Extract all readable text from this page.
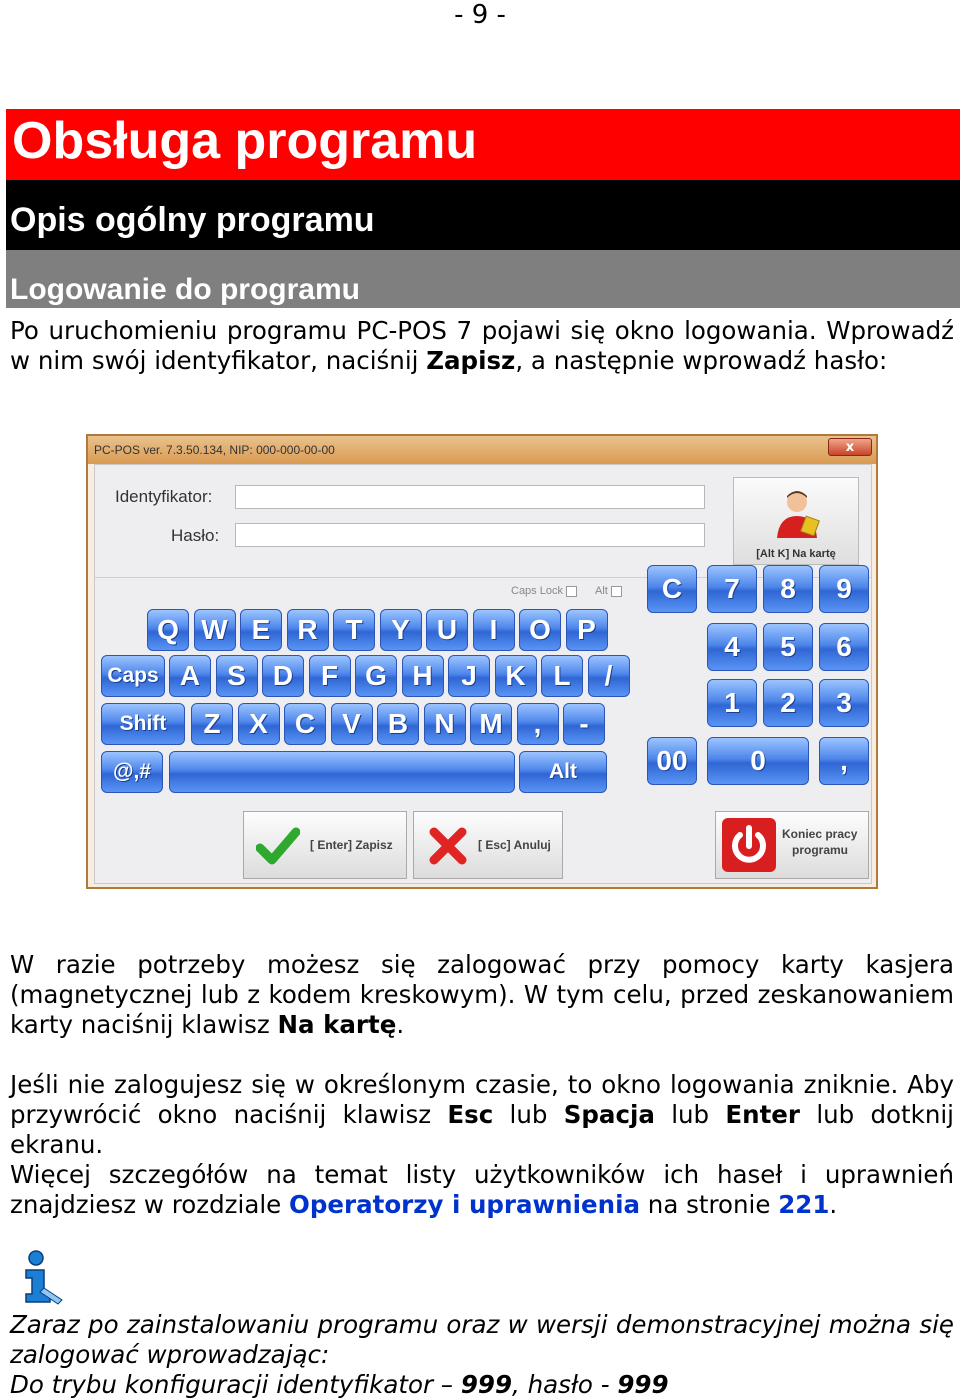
- 9 -
Obsługa programu
Opis ogólny programu
Logowanie do programu
Po uruchomieniu programu PC-POS 7 pojawi się okno logowania. Wprowadź w nim swój identyfikator, naciśnij Zapisz, a następnie wprowadź hasło:
PC-POS ver. 7.3.50.134, NIP: 000-000-00-00	x
Identyfikator:
Hasło:
[Alt K] Na kartę
Caps Lock	Alt
Caps
Shift
@,#	Alt
[ Enter] Zapisz	[ Esc] Anuluj
Koniec pracy
programu
Q W E R T	Y U	I	O P
A S D F G H	J	K L	/
Z	X C V B N M	,	-
C	7	8	9
4	5	6
1	2	3
00	0	,
W razie potrzeby możesz się zalogować przy pomocy karty kasjera (magnetycznej lub z kodem kreskowym). W tym celu, przed zeskanowaniem karty naciśnij klawisz Na kartę.
Jeśli nie zalogujesz się w określonym czasie, to okno logowania zniknie. Aby przywrócić okno naciśnij klawisz Esc lub Spacja lub Enter lub dotknij ekranu.
Więcej szczegółów na temat listy użytkowników ich haseł i uprawnień znajdziesz w rozdziale Operatorzy i uprawnienia na stronie 221.
Zaraz po zainstalowaniu programu oraz w wersji demonstracyjnej można się zalogować wprowadzając:
Do trybu konfiguracji identyfikator – 999, hasło - 999
